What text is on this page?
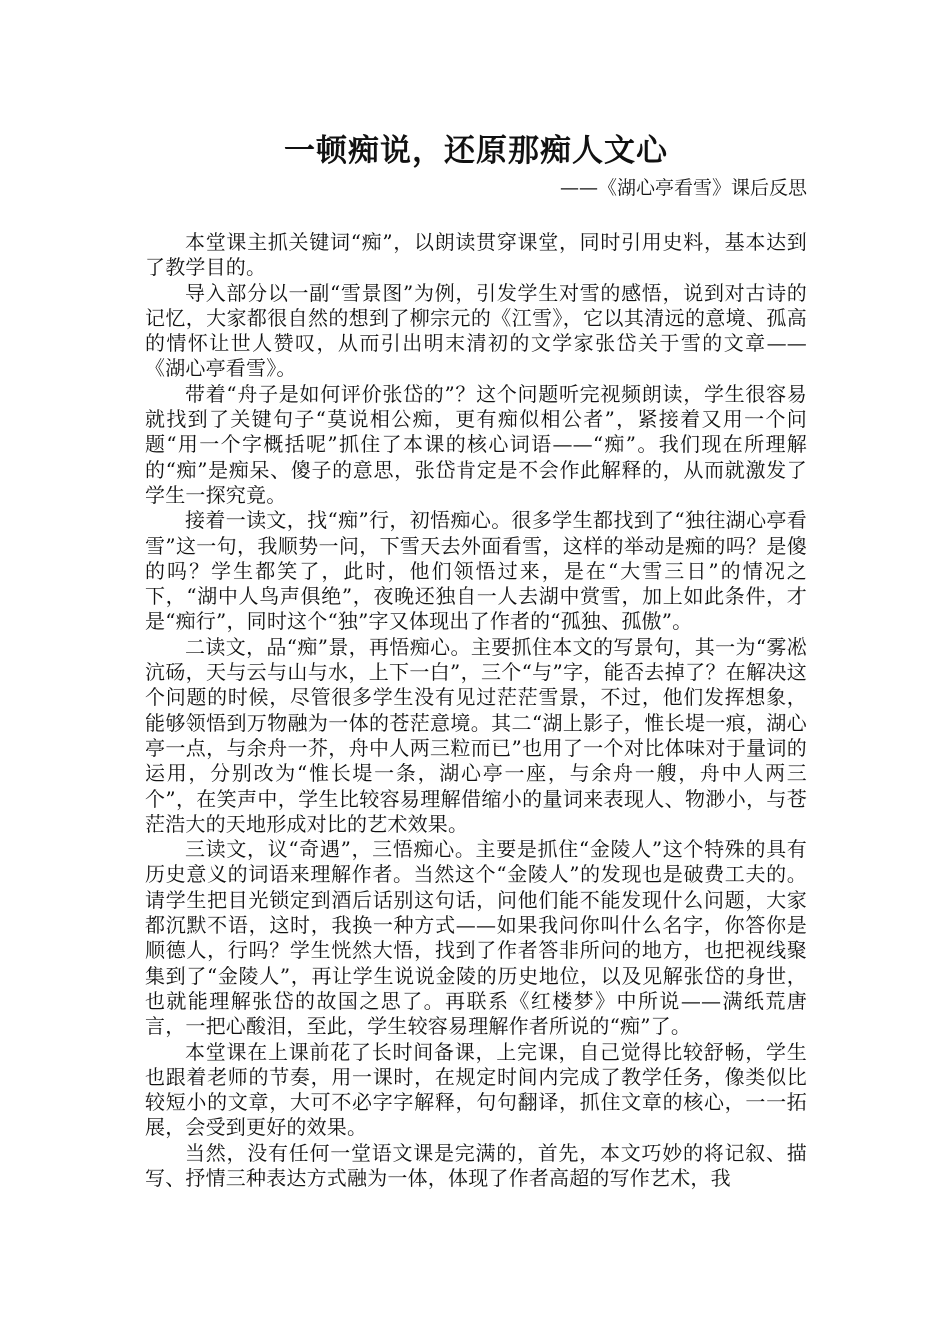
一顿痴说，还原那痴人文心
——《湖心亭看雪》课后反思

本堂课主抓关键词“痴”，以朗读贯穿课堂，同时引用史料，基本达到了教学目的。

导入部分以一副“雪景图”为例，引发学生对雪的感悟，说到对古诗的记忆，大家都很自然的想到了柳宗元的《江雪》，它以其清远的意境、孤高的情怀让世人赞叹，从而引出明末清初的文学家张岱关于雪的文章——《湖心亭看雪》。

带着“舟子是如何评价张岱的”？这个问题听完视频朗读，学生很容易就找到了关键句子“莫说相公痴，更有痴似相公者”，紧接着又用一个问题“用一个字概括呢”抓住了本课的核心词语——“痴”。我们现在所理解的“痴”是痴呆、傻子的意思，张岱肯定是不会作此解释的，从而就激发了学生一探究竟。

接着一读文，找“痴”行，初悟痴心。很多学生都找到了“独往湖心亭看雪”这一句，我顺势一问，下雪天去外面看雪，这样的举动是痴的吗？是傻的吗？学生都笑了，此时，他们领悟过来，是在“大雪三日”的情况之下，“湖中人鸟声俱绝”，夜晚还独自一人去湖中赏雪，加上如此条件，才是“痴行”，同时这个“独”字又体现出了作者的“孤独、孤傲”。

二读文，品“痴”景，再悟痴心。主要抓住本文的写景句，其一为“雾凇沆砀，天与云与山与水，上下一白”，三个“与”字，能否去掉了？在解决这个问题的时候，尽管很多学生没有见过茫茫雪景，不过，他们发挥想象，能够领悟到万物融为一体的苍茫意境。其二“湖上影子，惟长堤一痕，湖心亭一点，与余舟一芥，舟中人两三粒而已”也用了一个对比体味对于量词的运用，分别改为“惟长堤一条，湖心亭一座，与余舟一艘，舟中人两三个”，在笑声中，学生比较容易理解借缩小的量词来表现人、物渺小，与苍茫浩大的天地形成对比的艺术效果。

三读文，议“奇遇”，三悟痴心。主要是抓住“金陵人”这个特殊的具有历史意义的词语来理解作者。当然这个“金陵人”的发现也是破费工夫的。请学生把目光锁定到酒后话别这句话，问他们能不能发现什么问题，大家都沉默不语，这时，我换一种方式——如果我问你叫什么名字，你答你是顺德人，行吗？学生恍然大悟，找到了作者答非所问的地方，也把视线聚集到了“金陵人”，再让学生说说金陵的历史地位，以及见解张岱的身世，也就能理解张岱的故国之思了。再联系《红楼梦》中所说——满纸荒唐言，一把心酸泪，至此，学生较容易理解作者所说的“痴”了。

本堂课在上课前花了长时间备课，上完课，自己觉得比较舒畅，学生也跟着老师的节奏，用一课时，在规定时间内完成了教学任务，像类似比较短小的文章，大可不必字字解释，句句翻译，抓住文章的核心，一一拓展，会受到更好的效果。

当然，没有任何一堂语文课是完满的，首先，本文巧妙的将记叙、描写、抒情三种表达方式融为一体，体现了作者高超的写作艺术，我
